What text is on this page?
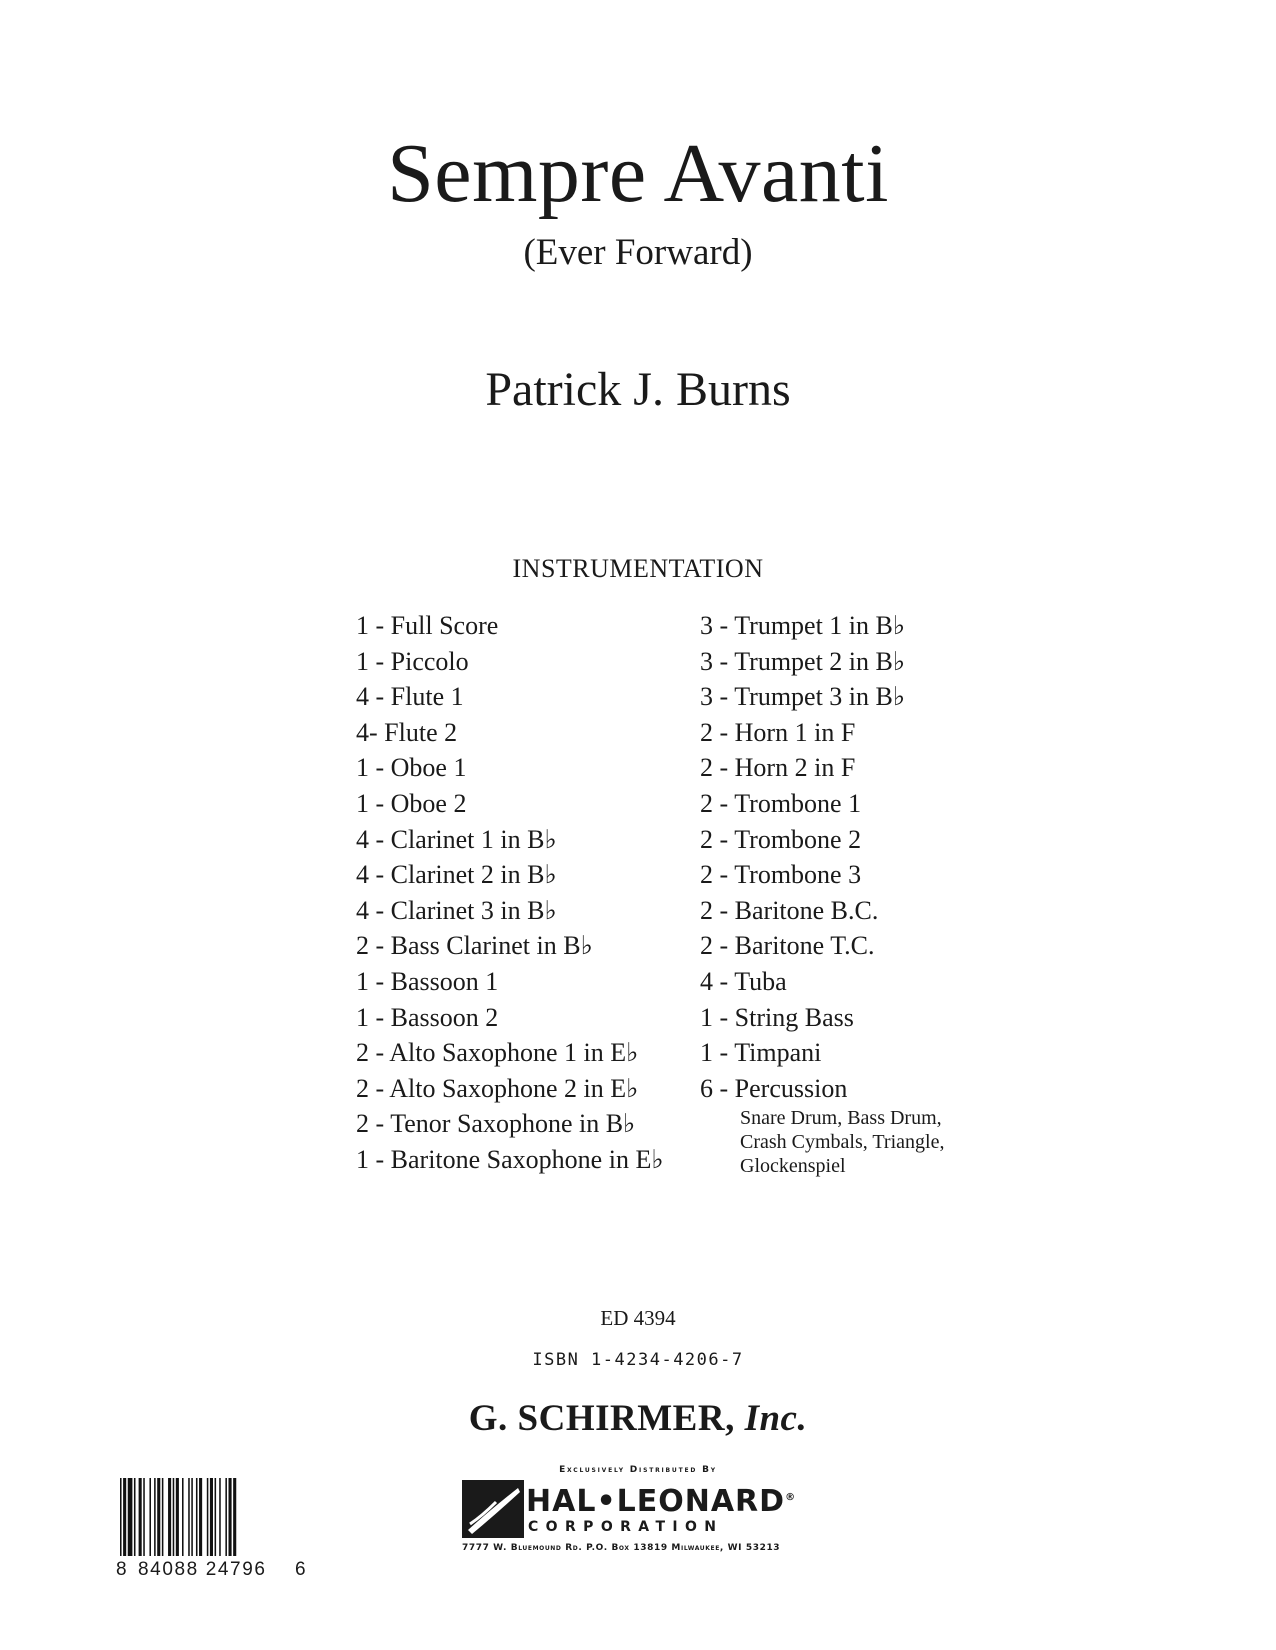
Sempre Avanti
(Ever Forward)
Patrick J. Burns
INSTRUMENTATION
1 - Full Score
1 - Piccolo
4 - Flute 1
4- Flute 2
1 - Oboe 1
1 - Oboe 2
4 - Clarinet 1 in B♭
4 - Clarinet 2 in B♭
4 - Clarinet 3 in B♭
2 - Bass Clarinet in B♭
1 - Bassoon 1
1 - Bassoon 2
2 - Alto Saxophone 1 in E♭
2 - Alto Saxophone 2 in E♭
2 - Tenor Saxophone in B♭
1 - Baritone Saxophone in E♭
3 - Trumpet 1 in B♭
3 - Trumpet 2 in B♭
3 - Trumpet 3 in B♭
2 - Horn 1 in F
2 - Horn 2 in F
2 - Trombone 1
2 - Trombone 2
2 - Trombone 3
2 - Baritone B.C.
2 - Baritone T.C.
4 - Tuba
1 - String Bass
1 - Timpani
6 - Percussion
Snare Drum, Bass Drum,
Crash Cymbals, Triangle,
Glockenspiel
ED 4394
ISBN 1-4234-4206-7
G. SCHIRMER, Inc.
Exclusively Distributed By
HAL•LEONARD®
CORPORATION
7777 W. Bluemound Rd. P.O. Box 13819 Milwaukee, WI 53213
8 84088 24796 6
